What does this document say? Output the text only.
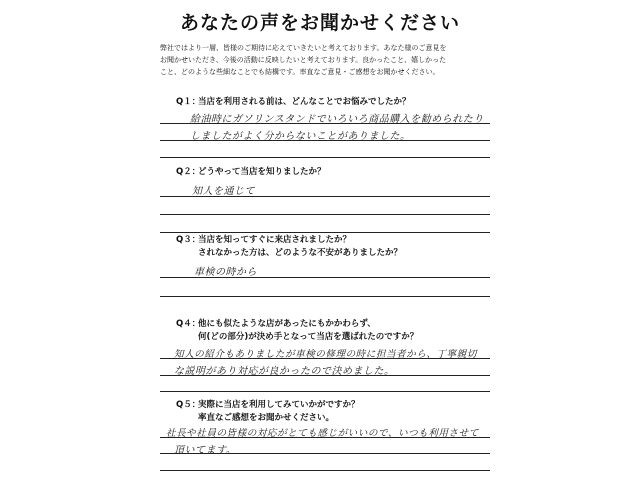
あなたの声をお聞かせください
弊社ではより一層、皆様のご期待に応えていきたいと考えております。あなた様のご意見を
お聞かせいただき、今後の活動に反映したいと考えております。良かったこと、嬉しかった
こと、どのような些細なことでも結構です。率直なご意見・ご感想をお聞かせください。
Q１：当店を利用される前は、どんなことでお悩みでしたか？
給油時にガソリンスタンドでいろいろ商品購入を勧められたり
しましたがよく分からないことがありました。
Q２：どうやって当店を知りましたか？
知人を通じて
Q３：当店を知ってすぐに来店されましたか？
されなかった方は、どのような不安がありましたか？
車検の時から
Q４：他にも似たような店があったにもかかわらず、
何(どの部分)が決め手となって当店を選ばれたのですか？
知人の紹介もありましたが車検の修理の時に担当者から、丁寧親切
な説明があり対応が良かったので決めました。
Q５：実際に当店を利用してみていかがですか？
率直なご感想をお聞かせください。
社長や社員の皆様の対応がとても感じがいいので、いつも利用させて
頂いてます。
